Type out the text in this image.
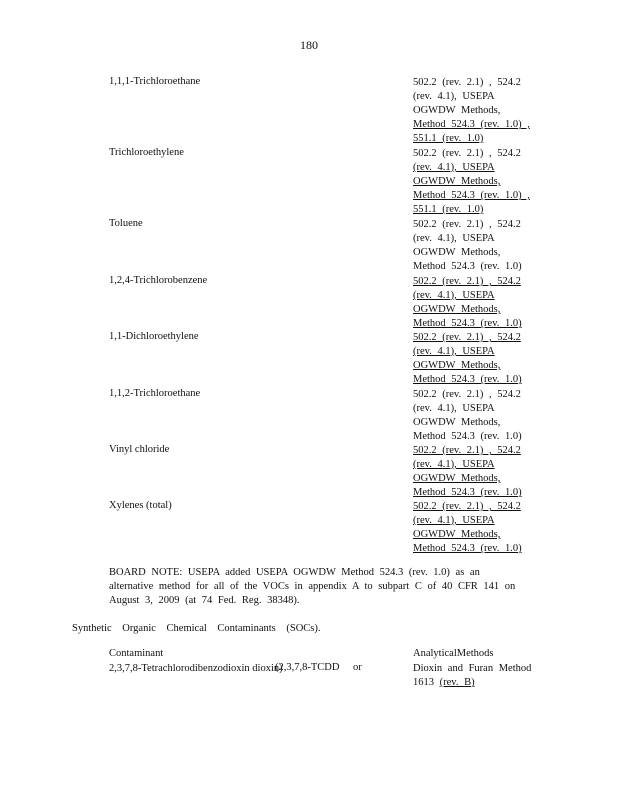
180
1,1,1-Trichloroethane	502.2 (rev. 2.1) , 524.2
(rev. 4.1), USEPA
OGWDW Methods,
Method 524.3 (rev. 1.0) ,
551.1 (rev. 1.0)
Trichloroethylene	502.2 (rev. 2.1) , 524.2
(rev. 4.1), USEPA
OGWDW Methods,
Method 524.3 (rev. 1.0) ,
551.1 (rev. 1.0)
Toluene	502.2 (rev. 2.1) , 524.2
(rev. 4.1), USEPA
OGWDW Methods,
Method 524.3 (rev. 1.0)
1,2,4-Trichlorobenzene	502.2 (rev. 2.1) , 524.2
(rev. 4.1), USEPA
OGWDW Methods,
Method 524.3 (rev. 1.0)
1,1-Dichloroethylene	502.2 (rev. 2.1) , 524.2
(rev. 4.1), USEPA
OGWDW Methods,
Method 524.3 (rev. 1.0)
1,1,2-Trichloroethane	502.2 (rev. 2.1) , 524.2
(rev. 4.1), USEPA
OGWDW Methods,
Method 524.3 (rev. 1.0)
Vinyl chloride	502.2 (rev. 2.1) , 524.2
(rev. 4.1), USEPA
OGWDW Methods,
Method 524.3 (rev. 1.0)
Xylenes (total)	502.2 (rev. 2.1) , 524.2
(rev. 4.1), USEPA
OGWDW Methods,
Method 524.3 (rev. 1.0)
BOARD NOTE: USEPA added USEPA OGWDW Method 524.3 (rev. 1.0) as an alternative method for all of the VOCs in appendix A to subpart C of 40 CFR 141 on August 3, 2009 (at 74 Fed. Reg. 38348).
Synthetic Organic Chemical Contaminants (SOCs).
Contaminant	AnalyticalMethods
2,3,7,8-Tetrachlorodibenzodioxin dioxin)
(2,3,7,8-TCDD or	Dioxin and Furan Method
1613 (rev. B)
